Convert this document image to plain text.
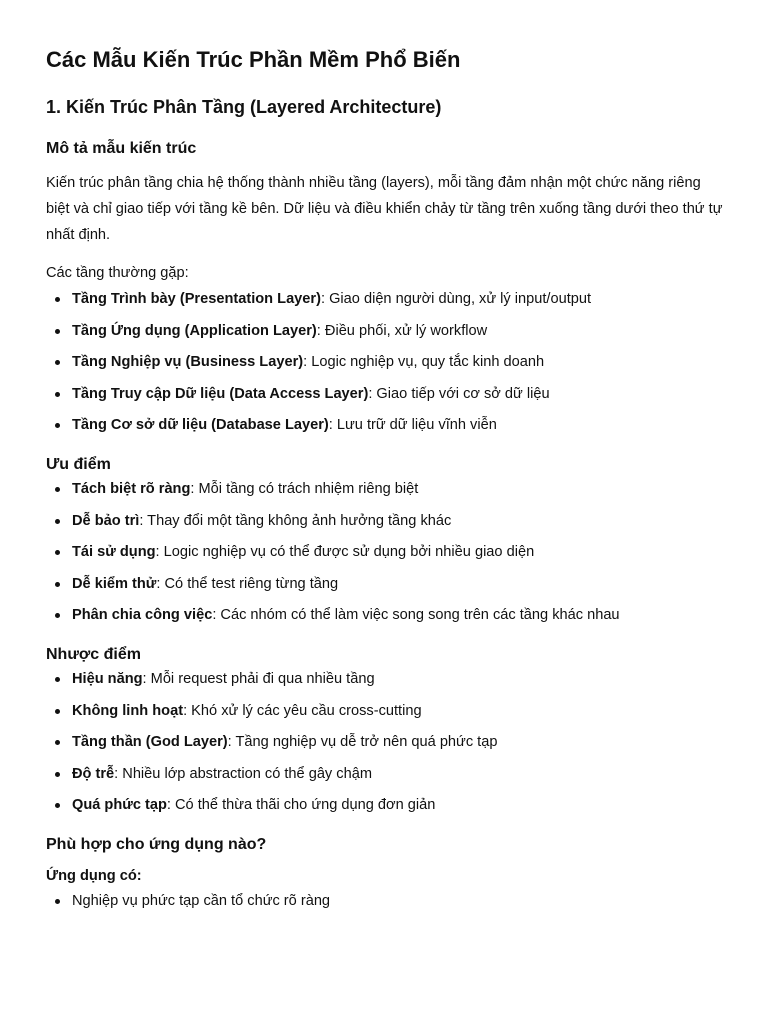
Các Mẫu Kiến Trúc Phần Mềm Phổ Biến
1. Kiến Trúc Phân Tầng (Layered Architecture)
Mô tả mẫu kiến trúc

Kiến trúc phân tầng chia hệ thống thành nhiều tầng (layers), mỗi tầng đảm nhận một chức năng riêng
biệt và chỉ giao tiếp với tầng kề bên. Dữ liệu và điều khiển chảy từ tầng trên xuống tầng dưới theo thứ tự
nhất định.

Các tầng thường gặp:

Tầng Trình bày (Presentation Layer): Giao diện người dùng, xử lý input/output
Tầng Ứng dụng (Application Layer): Điều phối, xử lý workflow
Tầng Nghiệp vụ (Business Layer): Logic nghiệp vụ, quy tắc kinh doanh
Tầng Truy cập Dữ liệu (Data Access Layer): Giao tiếp với cơ sở dữ liệu
Tầng Cơ sở dữ liệu (Database Layer): Lưu trữ dữ liệu vĩnh viễn
Ưu điểm
Tách biệt rõ ràng: Mỗi tầng có trách nhiệm riêng biệt
Dễ bảo trì: Thay đổi một tầng không ảnh hưởng tầng khác
Tái sử dụng: Logic nghiệp vụ có thể được sử dụng bởi nhiều giao diện
Dễ kiểm thử: Có thể test riêng từng tầng
Phân chia công việc: Các nhóm có thể làm việc song song trên các tầng khác nhau
Nhược điểm
Hiệu năng: Mỗi request phải đi qua nhiều tầng
Không linh hoạt: Khó xử lý các yêu cầu cross-cutting
Tầng thần (God Layer): Tầng nghiệp vụ dễ trở nên quá phức tạp
Độ trễ: Nhiều lớp abstraction có thể gây chậm
Quá phức tạp: Có thể thừa thãi cho ứng dụng đơn giản
Phù hợp cho ứng dụng nào?
Ứng dụng có:
Nghiệp vụ phức tạp cần tổ chức rõ ràng
